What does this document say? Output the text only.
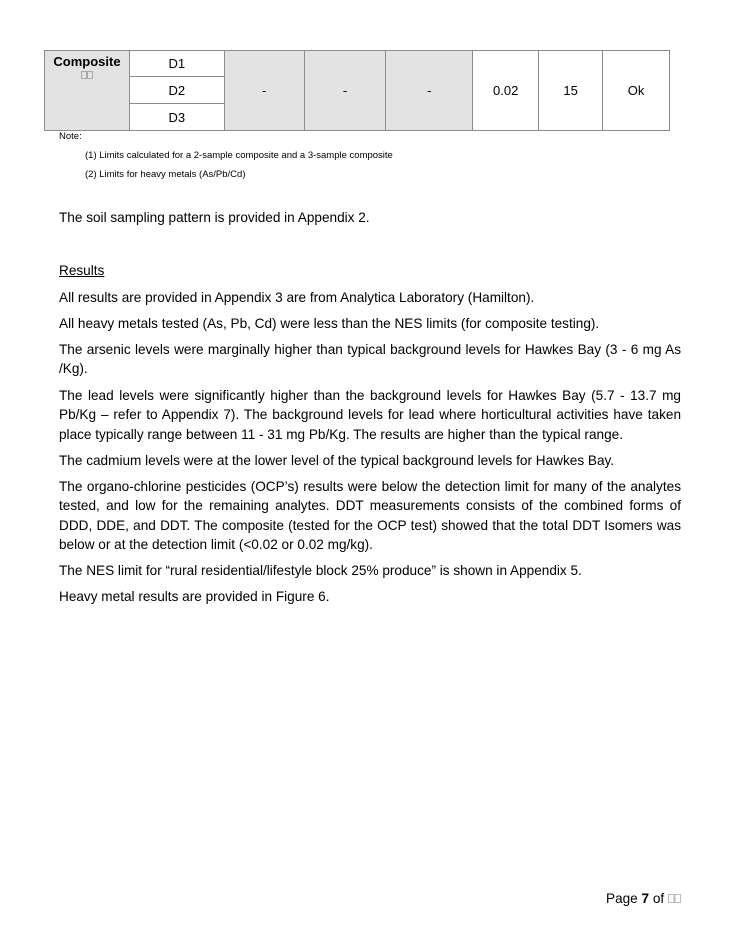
Composite	D1	-	-	-	0.02	15	Ok
D2
D3
Note:
(1) Limits calculated for a 2-sample composite and a 3-sample composite
(2) Limits for heavy metals (As/Pb/Cd)

The soil sampling pattern is provided in Appendix 2.

Results

All results are provided in Appendix 3 are from Analytica Laboratory (Hamilton).

All heavy metals tested (As, Pb, Cd) were less than the NES limits (for composite testing).

The arsenic levels were marginally higher than typical background levels for Hawkes Bay (3 - 6 mg As /Kg).

The lead levels were significantly higher than the background levels for Hawkes Bay (5.7 - 13.7 mg Pb/Kg – refer to Appendix 7). The background levels for lead where horticultural activities have taken place typically range between 11 - 31 mg Pb/Kg. The results are higher than the typical range.

The cadmium levels were at the lower level of the typical background levels for Hawkes Bay.

The organo-chlorine pesticides (OCP’s) results were below the detection limit for many of the analytes tested, and low for the remaining analytes. DDT measurements consists of the combined forms of DDD, DDE, and DDT. The composite (tested for the OCP test) showed that the total DDT Isomers was below or at the detection limit (<0.02 or 0.02 mg/kg).

The NES limit for “rural residential/lifestyle block 25% produce” is shown in Appendix 5.

Heavy metal results are provided in Figure 6.

Page 7 of
